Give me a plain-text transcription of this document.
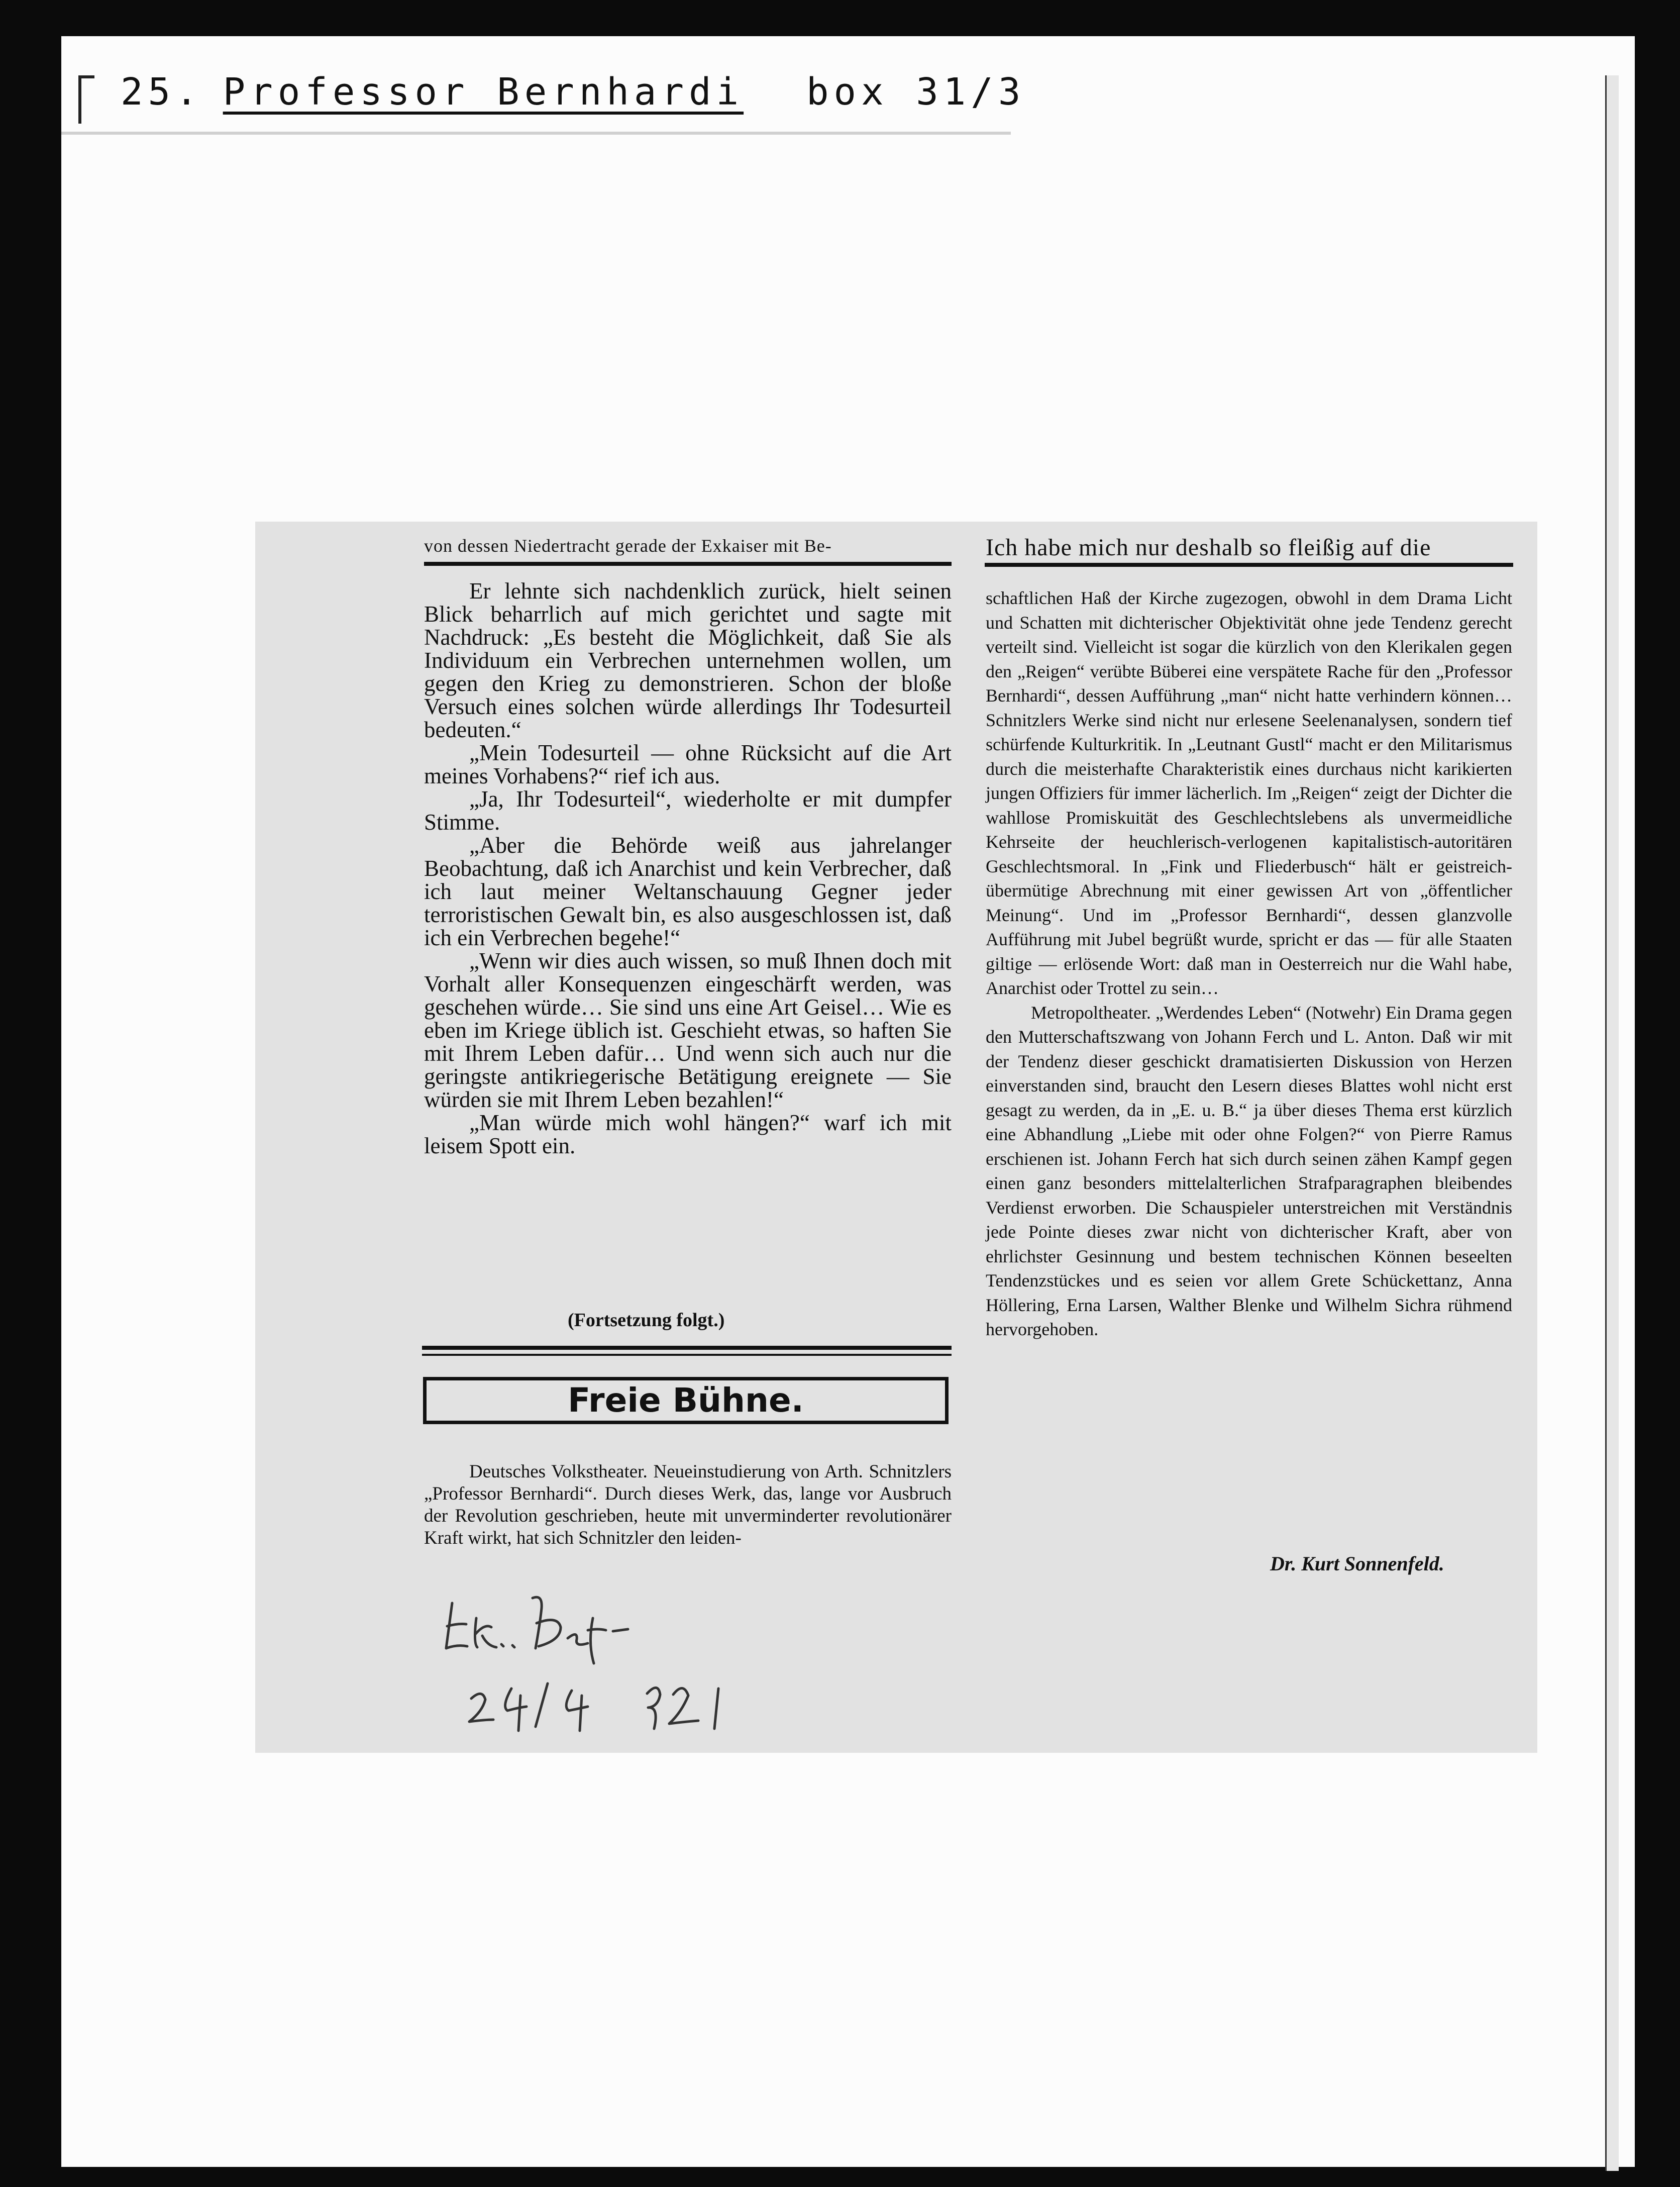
25. Professor Bernhardi box 31/3

von dessen Niedertracht gerade der Exkaiser mit Be-

Er lehnte sich nachdenklich zurück, hielt seinen Blick beharrlich auf mich gerichtet und sagte mit Nachdruck: „Es besteht die Möglichkeit, daß Sie als Individuum ein Verbrechen unternehmen wollen, um gegen den Krieg zu demonstrieren. Schon der bloße Versuch eines solchen würde allerdings Ihr Todesurteil bedeuten.“

„Mein Todesurteil — ohne Rücksicht auf die Art meines Vorhabens?“ rief ich aus.

„Ja, Ihr Todesurteil“, wiederholte er mit dumpfer Stimme.

„Aber die Behörde weiß aus jahrelanger Beobachtung, daß ich Anarchist und kein Verbrecher, daß ich laut meiner Weltanschauung Gegner jeder terroristischen Gewalt bin, es also ausgeschlossen ist, daß ich ein Verbrechen begehe!“

„Wenn wir dies auch wissen, so muß Ihnen doch mit Vorhalt aller Konsequenzen eingeschärft werden, was geschehen würde… Sie sind uns eine Art Geisel… Wie es eben im Kriege üblich ist. Geschieht etwas, so haften Sie mit Ihrem Leben dafür… Und wenn sich auch nur die geringste antikriegerische Betätigung ereignete — Sie würden sie mit Ihrem Leben bezahlen!“

„Man würde mich wohl hängen?“ warf ich mit leisem Spott ein.

(Fortsetzung folgt.)
Freie Bühne.

Deutsches Volkstheater. Neueinstudierung von Arth. Schnitzlers „Professor Bernhardi“. Durch dieses Werk, das, lange vor Ausbruch der Revolution geschrieben, heute mit unverminderter revolutionärer Kraft wirkt, hat sich Schnitzler den leiden-

Ich habe mich nur deshalb so fleißig auf die

schaftlichen Haß der Kirche zugezogen, obwohl in dem Drama Licht und Schatten mit dichterischer Objektivität ohne jede Tendenz gerecht verteilt sind. Vielleicht ist sogar die kürzlich von den Klerikalen gegen den „Reigen“ verübte Büberei eine verspätete Rache für den „Professor Bernhardi“, dessen Aufführung „man“ nicht hatte verhindern können… Schnitzlers Werke sind nicht nur erlesene Seelenanalysen, sondern tief schürfende Kulturkritik. In „Leutnant Gustl“ macht er den Militarismus durch die meisterhafte Charakteristik eines durchaus nicht karikierten jungen Offiziers für immer lächerlich. Im „Reigen“ zeigt der Dichter die wahllose Promiskuität des Geschlechtslebens als unvermeidliche Kehrseite der heuchlerisch-verlogenen kapitalistisch-autoritären Geschlechtsmoral. In „Fink und Fliederbusch“ hält er geistreich-übermütige Abrechnung mit einer gewissen Art von „öffentlicher Meinung“. Und im „Professor Bernhardi“, dessen glanzvolle Aufführung mit Jubel begrüßt wurde, spricht er das — für alle Staaten giltige — erlösende Wort: daß man in Oesterreich nur die Wahl habe, Anarchist oder Trottel zu sein…

Metropoltheater. „Werdendes Leben“ (Notwehr) Ein Drama gegen den Mutterschaftszwang von Johann Ferch und L. Anton. Daß wir mit der Tendenz dieser geschickt dramatisierten Diskussion von Herzen einverstanden sind, braucht den Lesern dieses Blattes wohl nicht erst gesagt zu werden, da in „E. u. B.“ ja über dieses Thema erst kürzlich eine Abhandlung „Liebe mit oder ohne Folgen?“ von Pierre Ramus erschienen ist. Johann Ferch hat sich durch seinen zähen Kampf gegen einen ganz besonders mittelalterlichen Strafparagraphen bleibendes Verdienst erworben. Die Schauspieler unterstreichen mit Verständnis jede Pointe dieses zwar nicht von dichterischer Kraft, aber von ehrlichster Gesinnung und bestem technischen Können beseelten Tendenzstückes und es seien vor allem Grete Schückettanz, Anna Höllering, Erna Larsen, Walther Blenke und Wilhelm Sichra rühmend hervorgehoben.

Dr. Kurt Sonnenfeld.
